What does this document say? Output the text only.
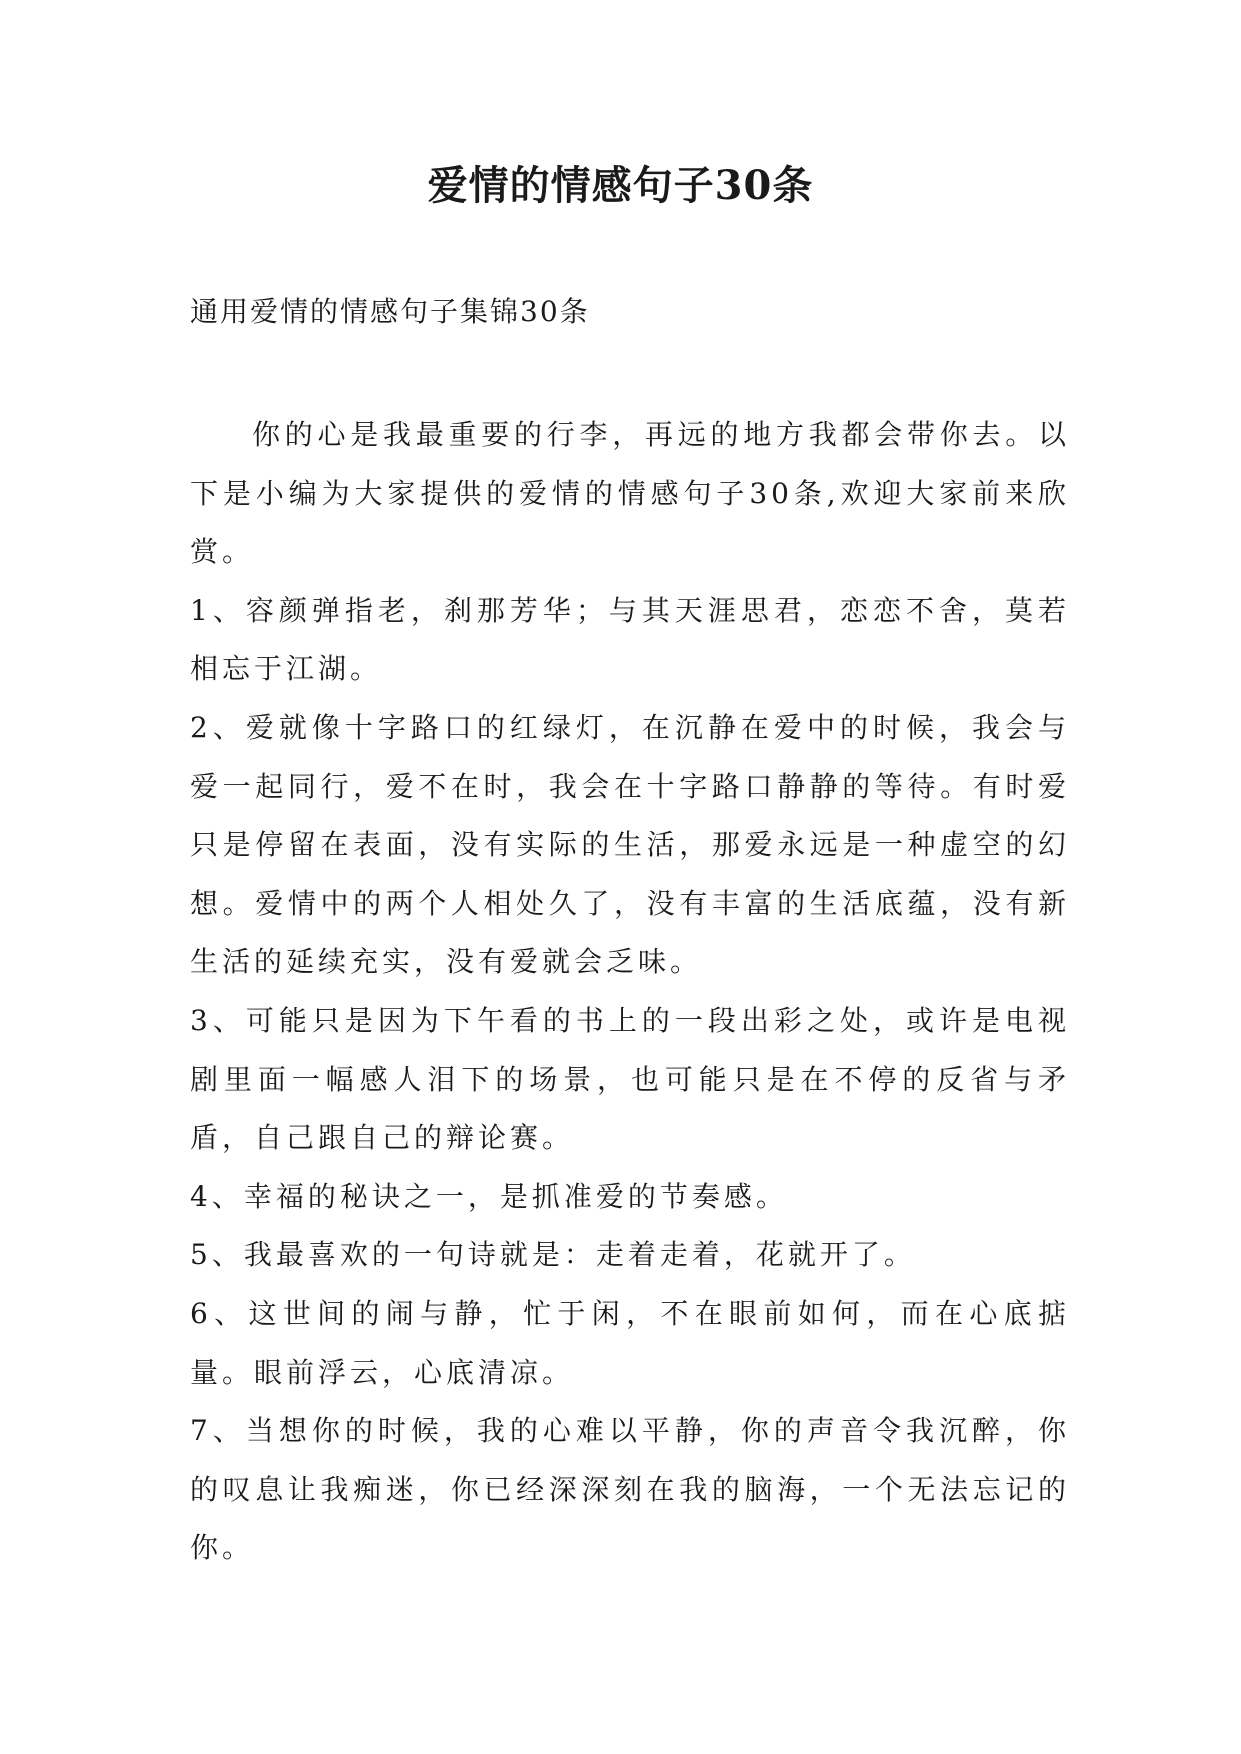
爱情的情感句子30条

通用爱情的情感句子集锦30条

你的心是我最重要的行李，再远的地方我都会带你去。以下是小编为大家提供的爱情的情感句子30条,欢迎大家前来欣赏。

1、容颜弹指老，刹那芳华；与其天涯思君，恋恋不舍，莫若相忘于江湖。

2、爱就像十字路口的红绿灯，在沉静在爱中的时候，我会与爱一起同行，爱不在时，我会在十字路口静静的等待。有时爱只是停留在表面，没有实际的生活，那爱永远是一种虚空的幻想。爱情中的两个人相处久了，没有丰富的生活底蕴，没有新生活的延续充实，没有爱就会乏味。

3、可能只是因为下午看的书上的一段出彩之处，或许是电视剧里面一幅感人泪下的场景，也可能只是在不停的反省与矛盾，自己跟自己的辩论赛。

4、幸福的秘诀之一，是抓准爱的节奏感。

5、我最喜欢的一句诗就是：走着走着，花就开了。

6、这世间的闹与静，忙于闲，不在眼前如何，而在心底掂量。眼前浮云，心底清凉。

7、当想你的时候，我的心难以平静，你的声音令我沉醉，你的叹息让我痴迷，你已经深深刻在我的脑海，一个无法忘记的你。
